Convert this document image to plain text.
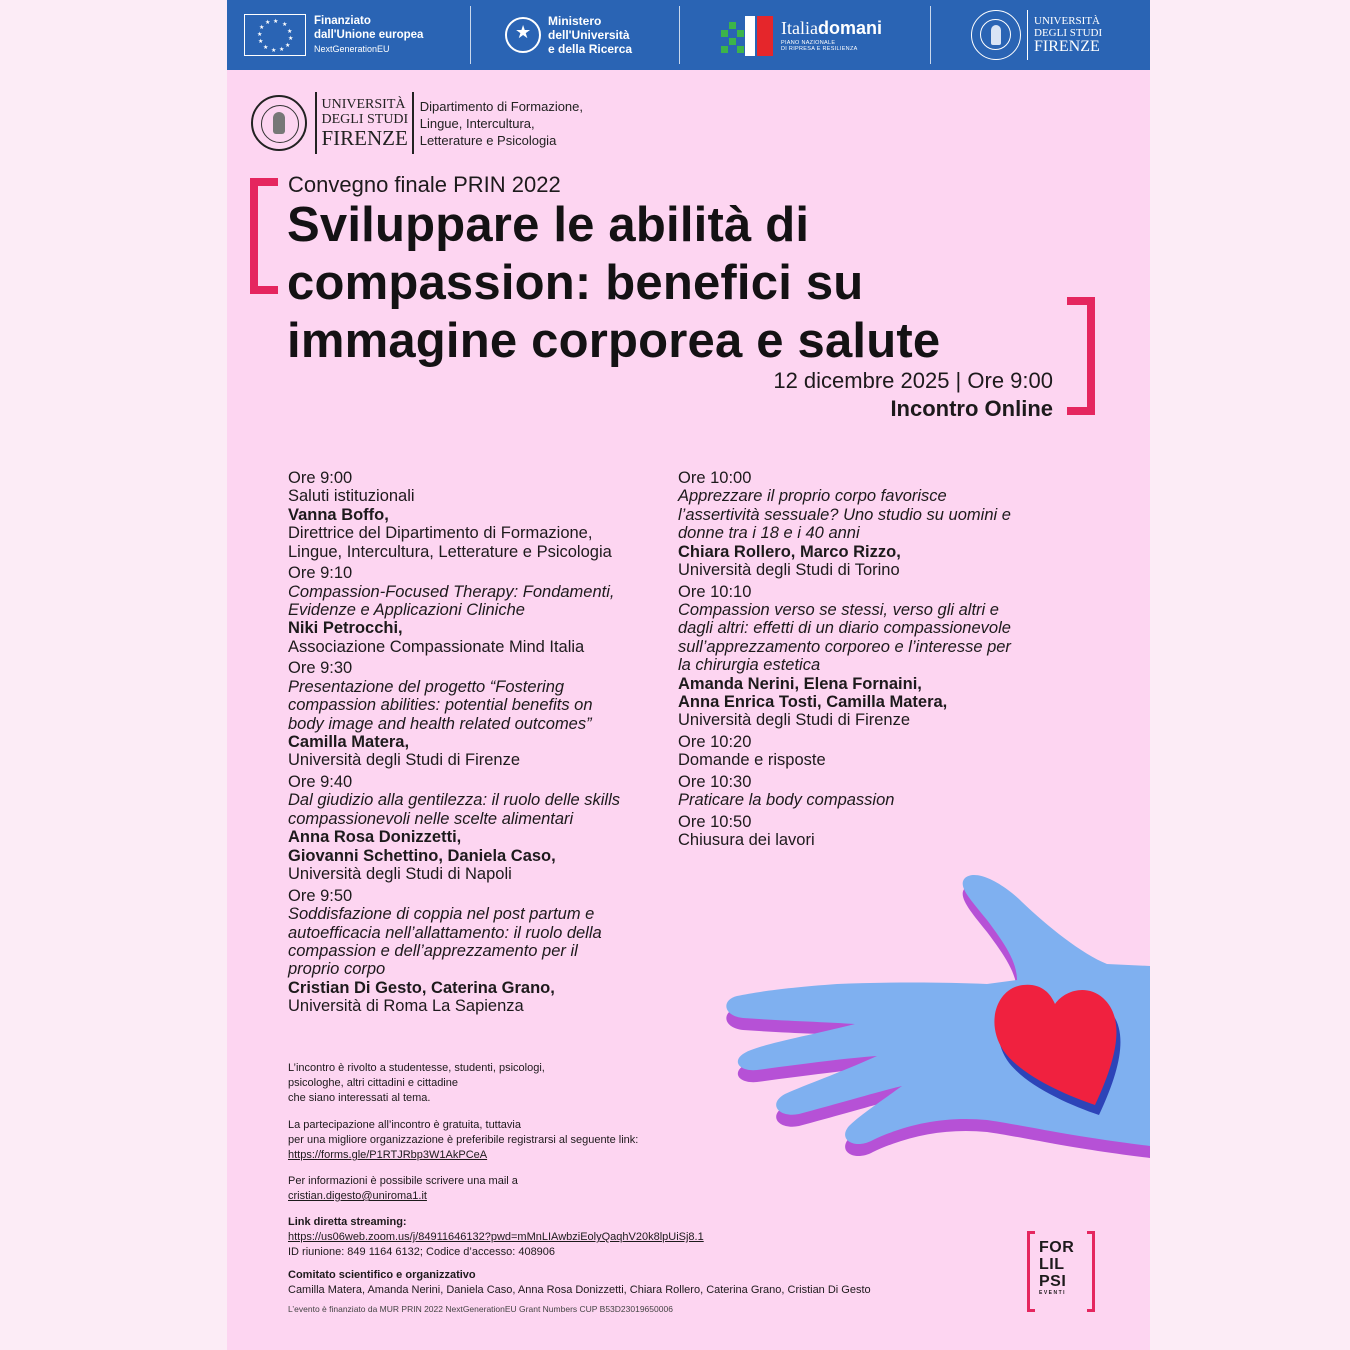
★ ★
★
★
★
★
★
★
★
★
★
★	Finanziato
dall'Unione europea
NextGenerationEU
★
Ministero
dell'Università
e della Ricerca
Italiadomani
PIANO NAZIONALE
DI RIPRESA E RESILIENZA
UNIVERSITÀ
DEGLI STUDI
FIRENZE
UNIVERSITÀ
DEGLI STUDI
FIRENZE
Dipartimento di Formazione,
Lingue, Intercultura,
Letterature e Psicologia
Convegno finale PRIN 2022
Sviluppare le abilità di
compassion: benefici su
immagine corporea e salute
12 dicembre 2025 | Ore 9:00
Incontro Online
Ore 9:00
Saluti istituzionali
Vanna Boffo,
Direttrice del Dipartimento di Formazione,
Lingue, Intercultura, Letterature e Psicologia
Ore 9:10
Compassion-Focused Therapy: Fondamenti,
Evidenze e Applicazioni Cliniche
Niki Petrocchi,
Associazione Compassionate Mind Italia
Ore 9:30
Presentazione del progetto “Fostering
compassion abilities: potential benefits on
body image and health related outcomes”
Camilla Matera,
Università degli Studi di Firenze
Ore 9:40
Dal giudizio alla gentilezza: il ruolo delle skills
compassionevoli nelle scelte alimentari
Anna Rosa Donizzetti,
Giovanni Schettino, Daniela Caso,
Università degli Studi di Napoli
Ore 9:50
Soddisfazione di coppia nel post partum e
autoefficacia nell’allattamento: il ruolo della
compassion e dell’apprezzamento per il
proprio corpo
Cristian Di Gesto, Caterina Grano,
Università di Roma La Sapienza
Ore 10:00
Apprezzare il proprio corpo favorisce
l’assertività sessuale? Uno studio su uomini e
donne tra i 18 e i 40 anni
Chiara Rollero, Marco Rizzo,
Università degli Studi di Torino
Ore 10:10
Compassion verso se stessi, verso gli altri e
dagli altri: effetti di un diario compassionevole
sull’apprezzamento corporeo e l’interesse per
la chirurgia estetica
Amanda Nerini, Elena Fornaini,
Anna Enrica Tosti, Camilla Matera,
Università degli Studi di Firenze
Ore 10:20
Domande e risposte
Ore 10:30
Praticare la body compassion
Ore 10:50
Chiusura dei lavori
L’incontro è rivolto a studentesse, studenti, psicologi,
psicologhe, altri cittadini e cittadine
che siano interessati al tema.
La partecipazione all’incontro è gratuita, tuttavia
per una migliore organizzazione è preferibile registrarsi al seguente link:
https://forms.gle/P1RTJRbp3W1AkPCeA
Per informazioni è possibile scrivere una mail a
cristian.digesto@uniroma1.it
Link diretta streaming:
https://us06web.zoom.us/j/84911646132?pwd=mMnLIAwbziEolyQaqhV20k8lpUiSj8.1
ID riunione: 849 1164 6132; Codice d’accesso: 408906
Comitato scientifico e organizzativo
Camilla Matera, Amanda Nerini, Daniela Caso, Anna Rosa Donizzetti, Chiara Rollero, Caterina Grano, Cristian Di Gesto
L’evento è finanziato da MUR PRIN 2022 NextGenerationEU Grant Numbers CUP B53D23019650006
FOR
LIL
PSI
EVENTI
